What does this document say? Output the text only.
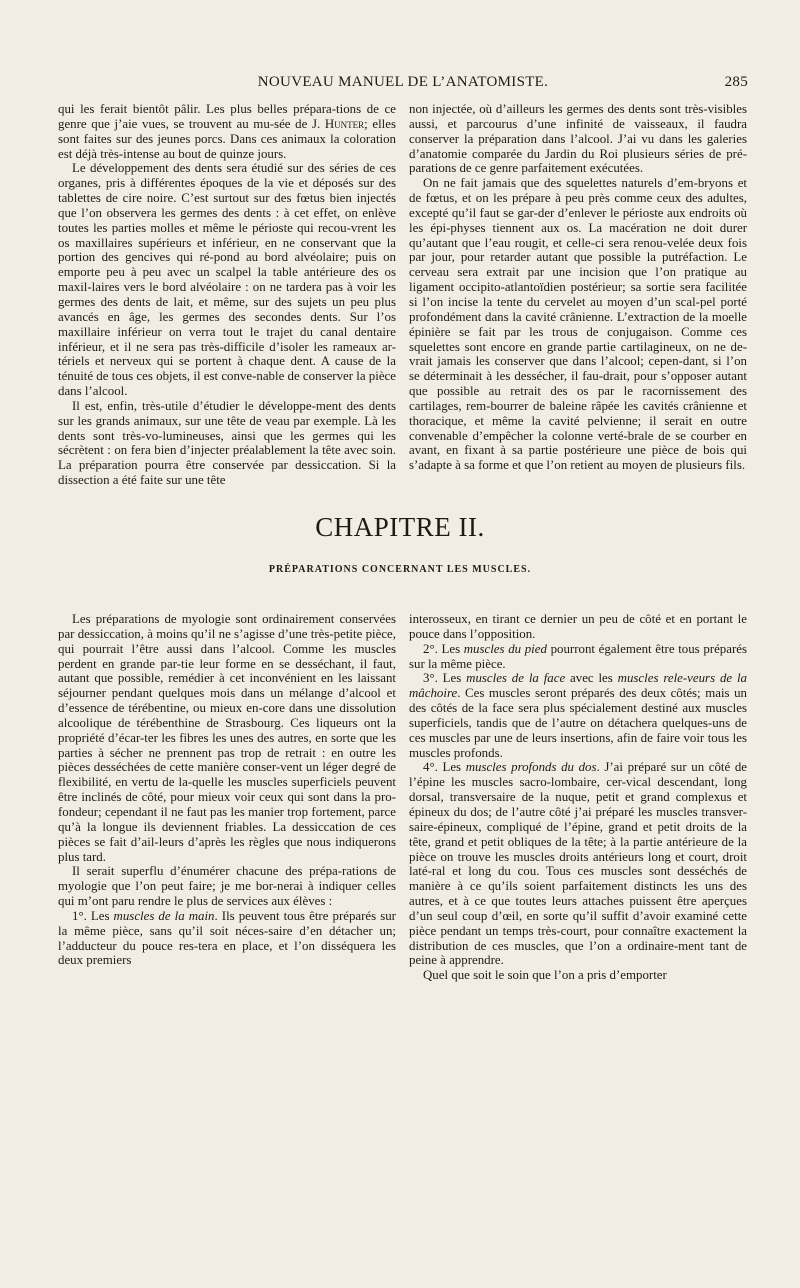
NOUVEAU MANUEL DE L’ANATOMISTE.	285

qui les ferait bientôt pâlir. Les plus belles prépara-tions de ce genre que j’aie vues, se trouvent au mu-sée de J. Hunter; elles sont faites sur des jeunes porcs. Dans ces animaux la coloration est déjà très-intense au bout de quinze jours.

Le développement des dents sera étudié sur des séries de ces organes, pris à différentes époques de la vie et déposés sur des tablettes de cire noire. C’est surtout sur des fœtus bien injectés que l’on observera les germes des dents : à cet effet, on enlève toutes les parties molles et même le périoste qui recou-vrent les os maxillaires supérieurs et inférieur, en ne conservant que la portion des gencives qui ré-pond au bord alvéolaire; puis on emporte peu à peu avec un scalpel la table antérieure des os maxil-laires vers le bord alvéolaire : on ne tardera pas à voir les germes des dents de lait, et même, sur des sujets un peu plus avancés en âge, les germes des secondes dents. Sur l’os maxillaire inférieur on verra tout le trajet du canal dentaire inférieur, et il ne sera pas très-difficile d’isoler les rameaux ar-tériels et nerveux qui se portent à chaque dent. A cause de la ténuité de tous ces objets, il est conve-nable de conserver la pièce dans l’alcool.

Il est, enfin, très-utile d’étudier le développe-ment des dents sur les grands animaux, sur une tête de veau par exemple. Là les dents sont très-vo-lumineuses, ainsi que les germes qui les sécrètent : on fera bien d’injecter préalablement la tête avec soin. La préparation pourra être conservée par dessiccation. Si la dissection a été faite sur une tête

non injectée, où d’ailleurs les germes des dents sont très-visibles aussi, et parcourus d’une infinité de vaisseaux, il faudra conserver la préparation dans l’alcool. J’ai vu dans les galeries d’anatomie comparée du Jardin du Roi plusieurs séries de pré-parations de ce genre parfaitement exécutées.

On ne fait jamais que des squelettes naturels d’em-bryons et de fœtus, et on les prépare à peu près comme ceux des adultes, excepté qu’il faut se gar-der d’enlever le périoste aux endroits où les épi-physes tiennent aux os. La macération ne doit durer qu’autant que l’eau rougit, et celle-ci sera renou-velée deux fois par jour, pour retarder autant que possible la putréfaction. Le cerveau sera extrait par une incision que l’on pratique au ligament occipito-atlantoïdien postérieur; sa sortie sera facilitée si l’on incise la tente du cervelet au moyen d’un scal-pel porté profondément dans la cavité crânienne. L’extraction de la moelle épinière se fait par les trous de conjugaison. Comme ces squelettes sont encore en grande partie cartilagineux, on ne de-vrait jamais les conserver que dans l’alcool; cepen-dant, si l’on se déterminait à les dessécher, il fau-drait, pour s’opposer autant que possible au retrait des os par le racornissement des cartilages, rem-bourrer de baleine râpée les cavités crânienne et thoracique, et même la cavité pelvienne; il serait en outre convenable d’empêcher la colonne verté-brale de se courber en avant, en fixant à sa partie postérieure une pièce de bois qui s’adapte à sa forme et que l’on retient au moyen de plusieurs fils.

CHAPITRE II.
PRÉPARATIONS CONCERNANT LES MUSCLES.

Les préparations de myologie sont ordinairement conservées par dessiccation, à moins qu’il ne s’agisse d’une très-petite pièce, qui pourrait l’être aussi dans l’alcool. Comme les muscles perdent en grande par-tie leur forme en se desséchant, il faut, autant que possible, remédier à cet inconvénient en les laissant séjourner pendant quelques mois dans un mélange d’alcool et d’essence de térébentine, ou mieux en-core dans une dissolution alcoolique de térébenthine de Strasbourg. Ces liqueurs ont la propriété d’écar-ter les fibres les unes des autres, en sorte que les parties à sécher ne prennent pas trop de retrait : en outre les pièces desséchées de cette manière conser-vent un léger degré de flexibilité, en vertu de la-quelle les muscles superficiels peuvent être inclinés de côté, pour mieux voir ceux qui sont dans la pro-fondeur; cependant il ne faut pas les manier trop fortement, parce qu’à la longue ils deviennent friables. La dessiccation de ces pièces se fait d’ail-leurs d’après les règles que nous indiquerons plus tard.

Il serait superflu d’énumérer chacune des prépa-rations de myologie que l’on peut faire; je me bor-nerai à indiquer celles qui m’ont paru rendre le plus de services aux élèves :

1°. Les muscles de la main. Ils peuvent tous être préparés sur la même pièce, sans qu’il soit néces-saire d’en détacher un; l’adducteur du pouce res-tera en place, et l’on disséquera les deux premiers

interosseux, en tirant ce dernier un peu de côté et en portant le pouce dans l’opposition.

2°. Les muscles du pied pourront également être tous préparés sur la même pièce.

3°. Les muscles de la face avec les muscles rele-veurs de la mâchoire. Ces muscles seront préparés des deux côtés; mais un des côtés de la face sera plus spécialement destiné aux muscles superficiels, tandis que de l’autre on détachera quelques-uns de ces muscles par une de leurs insertions, afin de faire voir tous les muscles profonds.

4°. Les muscles profonds du dos. J’ai préparé sur un côté de l’épine les muscles sacro-lombaire, cer-vical descendant, long dorsal, transversaire de la nuque, petit et grand complexus et épineux du dos; de l’autre côté j’ai préparé les muscles transver-saire-épineux, compliqué de l’épine, grand et petit droits de la tête, grand et petit obliques de la tête; à la partie antérieure de la pièce on trouve les muscles droits antérieurs long et court, droit laté-ral et long du cou. Tous ces muscles sont desséchés de manière à ce qu’ils soient parfaitement distincts les uns des autres, et à ce que toutes leurs attaches puissent être aperçues d’un seul coup d’œil, en sorte qu’il suffit d’avoir examiné cette pièce pendant un temps très-court, pour connaître exactement la distribution de ces muscles, que l’on a ordinaire-ment tant de peine à apprendre.

Quel que soit le soin que l’on a pris d’emporter
